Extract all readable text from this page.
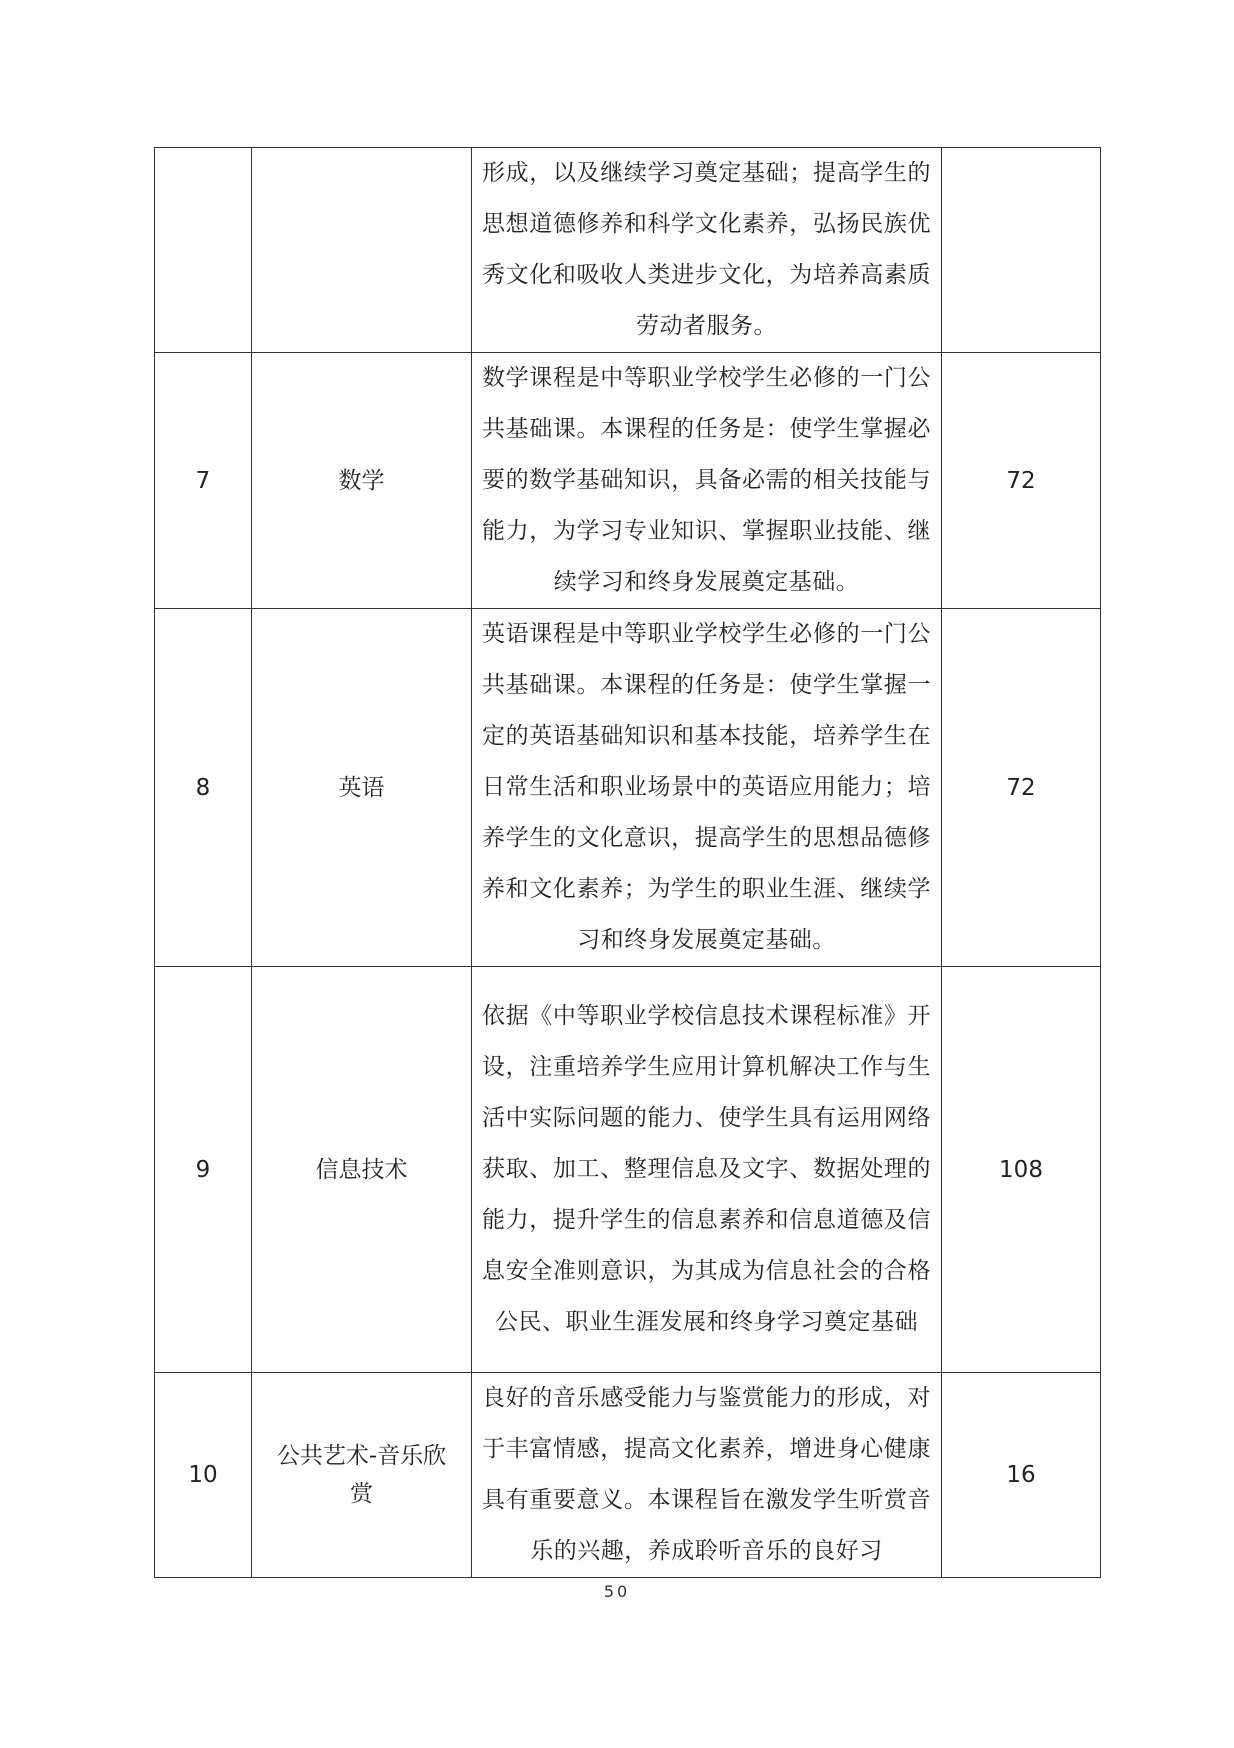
		形成，以及继续学习奠定基础；提高学生的思想道德修养和科学文化素养，弘扬民族优秀文化和吸收人类进步文化，为培养高素质劳动者服务。	

7	数学	数学课程是中等职业学校学生必修的一门公共基础课。本课程的任务是：使学生掌握必要的数学基础知识，具备必需的相关技能与能力，为学习专业知识、掌握职业技能、继续学习和终身发展奠定基础。	72
8	英语	英语课程是中等职业学校学生必修的一门公共基础课。本课程的任务是：使学生掌握一定的英语基础知识和基本技能，培养学生在日常生活和职业场景中的英语应用能力；培养学生的文化意识，提高学生的思想品德修养和文化素养；为学生的职业生涯、继续学习和终身发展奠定基础。	72
9	信息技术	依据《中等职业学校信息技术课程标准》开设，注重培养学生应用计算机解决工作与生活中实际问题的能力、使学生具有运用网络获取、加工、整理信息及文字、数据处理的能力，提升学生的信息素养和信息道德及信息安全准则意识，为其成为信息社会的合格公民、职业生涯发展和终身学习奠定基础	108
10	公共艺术-音乐欣赏	良好的音乐感受能力与鉴赏能力的形成，对于丰富情感，提高文化素养，增进身心健康具有重要意义。本课程旨在激发学生听赏音乐的兴趣，养成聆听音乐的良好习	16
50
